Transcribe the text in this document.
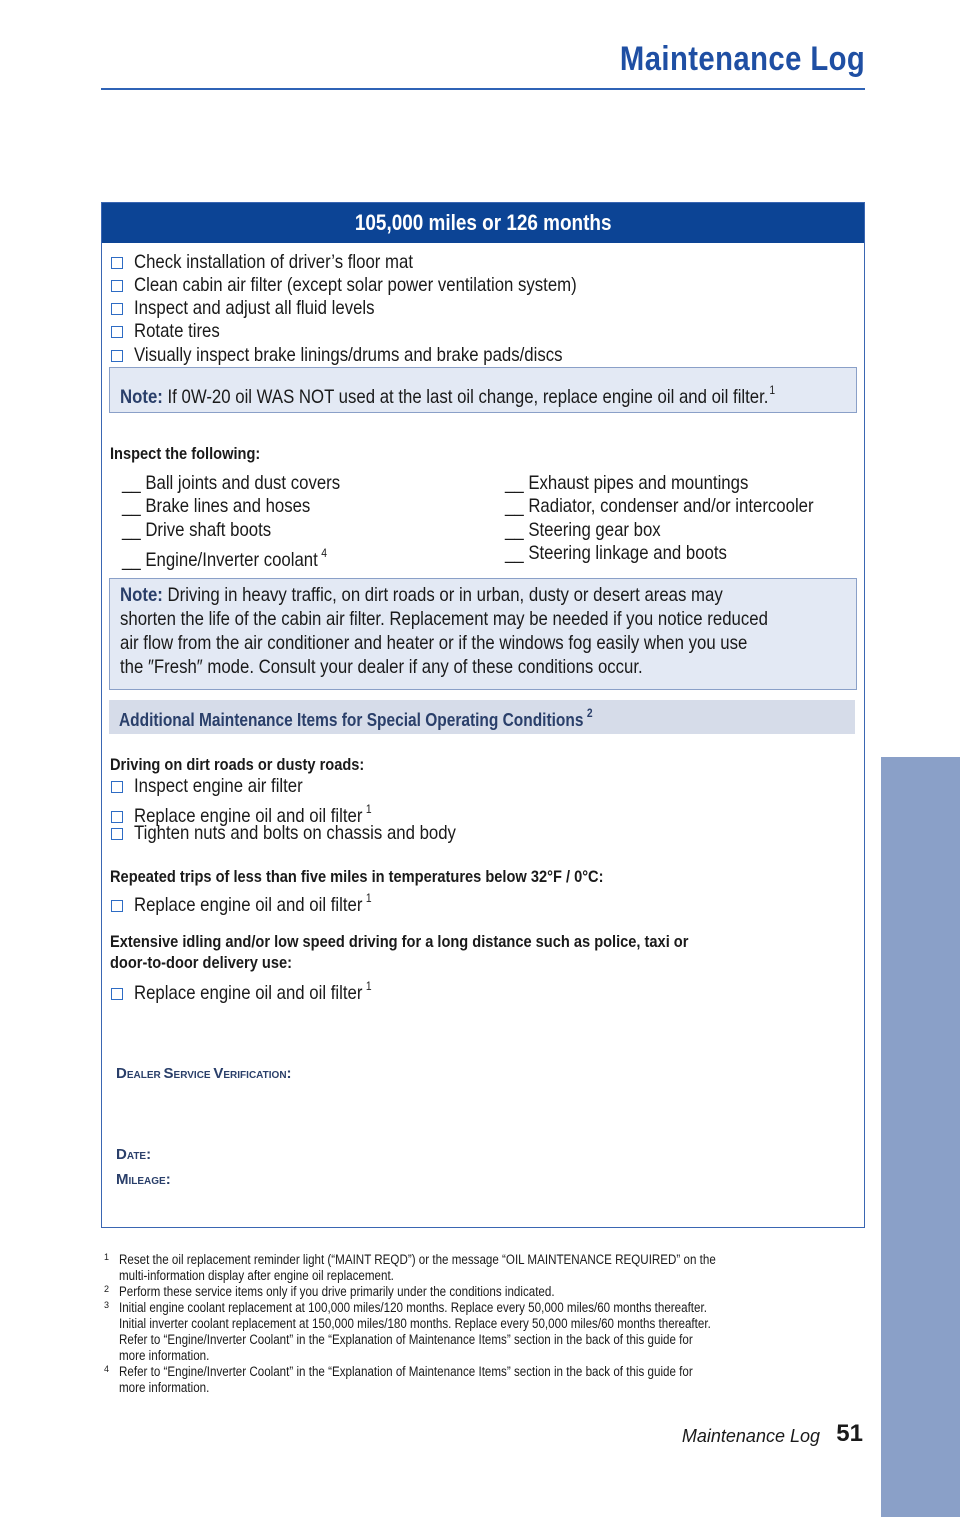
Maintenance Log
MAINTENANCE
105,000 miles or 126 months
Check installation of driver’s floor mat
Clean cabin air filter (except solar power ventilation system)
Inspect and adjust all fluid levels
Rotate tires
Visually inspect brake linings/drums and brake pads/discs
Note: If 0W-20 oil WAS NOT used at the last oil change, replace engine oil and oil filter.$^1$
Inspect the following:
__ Ball joints and dust covers
__ Brake lines and hoses
__ Drive shaft boots
__ Engine/Inverter coolant $^4$
__ Exhaust pipes and mountings
__ Radiator, condenser and/or intercooler
__ Steering gear box
__ Steering linkage and boots
Note: Driving in heavy traffic, on dirt roads or in urban, dusty or desert areas may
shorten the life of the cabin air filter. Replacement may be needed if you notice reduced
air flow from the air conditioner and heater or if the windows fog easily when you use
the ″Fresh″ mode. Consult your dealer if any of these conditions occur.
Additional Maintenance Items for Special Operating Conditions $^2$
Driving on dirt roads or dusty roads:
Inspect engine air filter
Replace engine oil and oil filter $^1$
Tighten nuts and bolts on chassis and body
Repeated trips of less than five miles in temperatures below 32°F / 0°C:
Replace engine oil and oil filter $^1$
Extensive idling and/or low speed driving for a long distance such as police, taxi or
door-to-door delivery use:
Replace engine oil and oil filter $^1$
DEALER SERVICE VERIFICATION:
DATE:
MILEAGE:
1 Reset the oil replacement reminder light (“MAINT REQD”) or the message “OIL MAINTENANCE REQUIRED” on the
multi-information display after engine oil replacement.
2 Perform these service items only if you drive primarily under the conditions indicated.
3 Initial engine coolant replacement at 100,000 miles/120 months. Replace every 50,000 miles/60 months thereafter.
Initial inverter coolant replacement at 150,000 miles/180 months. Replace every 50,000 miles/60 months thereafter.
Refer to “Engine/Inverter Coolant” in the “Explanation of Maintenance Items” section in the back of this guide for
more information.
4 Refer to “Engine/Inverter Coolant” in the “Explanation of Maintenance Items” section in the back of this guide for
more information.
Maintenance Log 51
